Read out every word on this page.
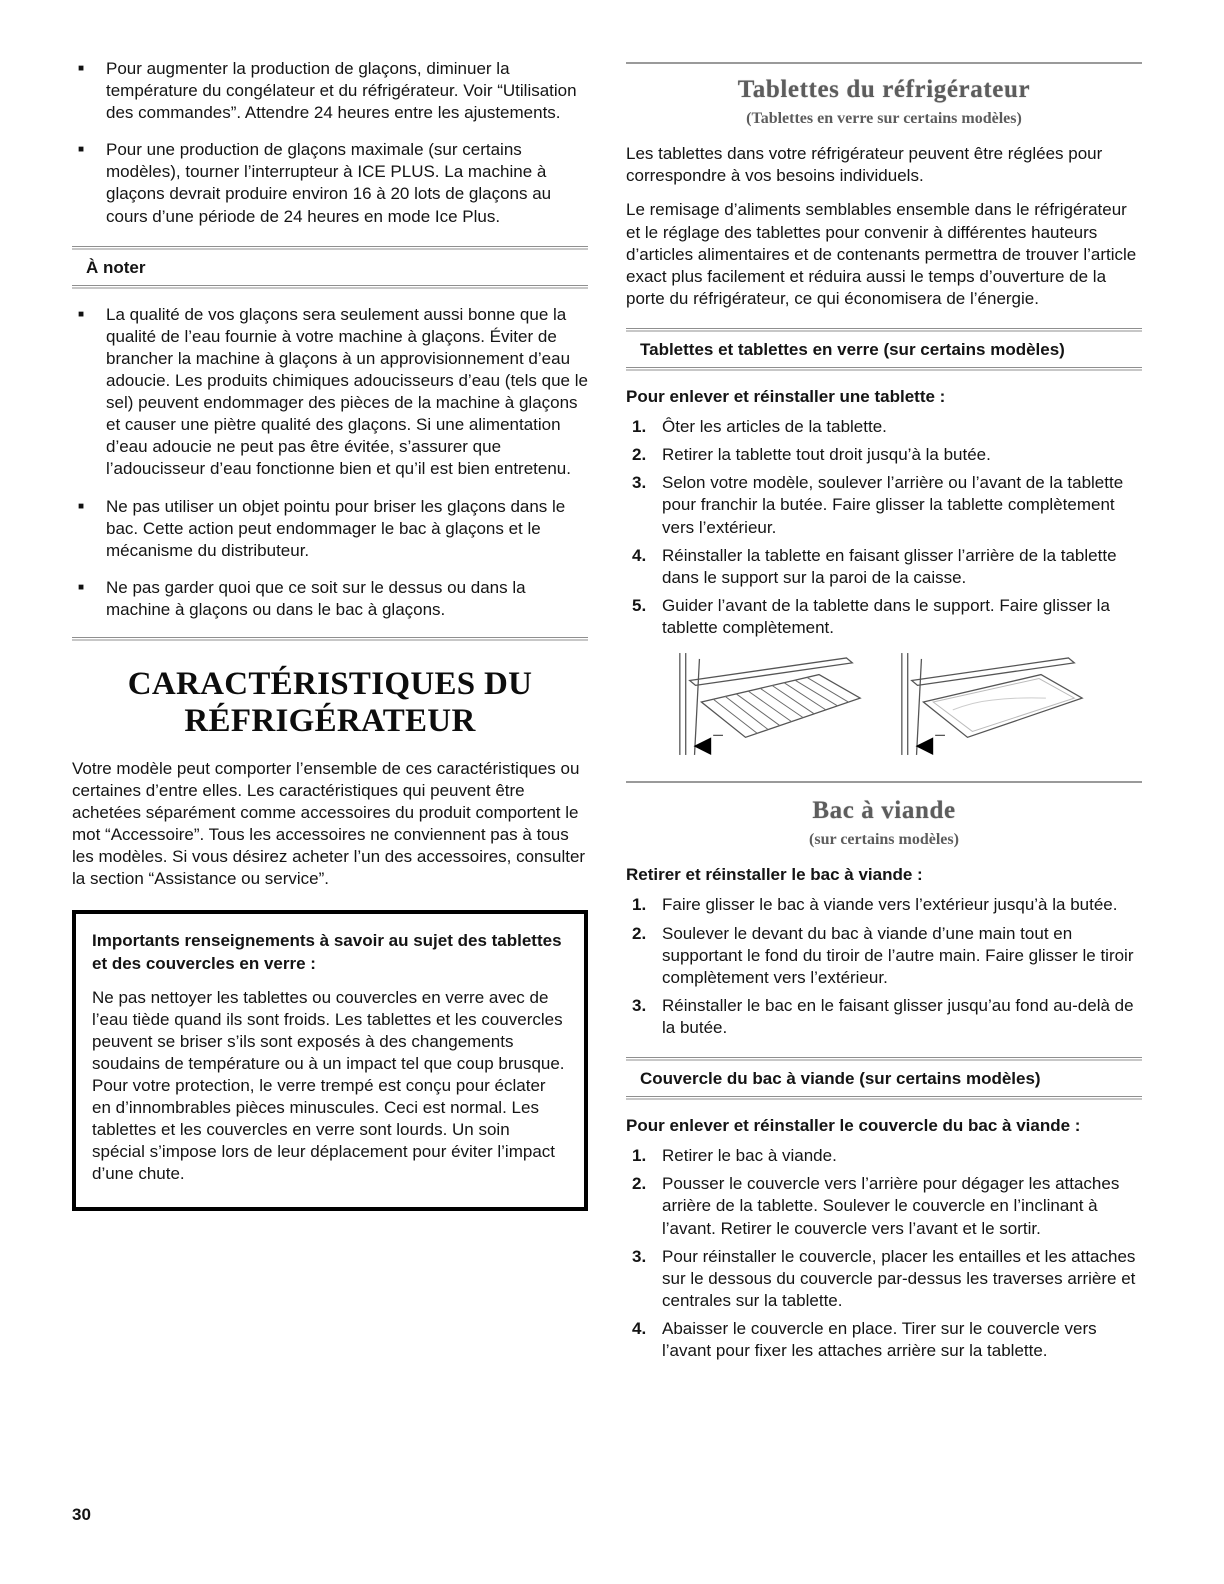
■	Pour augmenter la production de glaçons, diminuer la température du congélateur et du réfrigérateur. Voir “Utilisation des commandes”. Attendre 24 heures entre les ajustements.
■	Pour une production de glaçons maximale (sur certains modèles), tourner l’interrupteur à ICE PLUS. La machine à glaçons devrait produire environ 16 à 20 lots de glaçons au cours d’une période de 24 heures en mode Ice Plus.
À noter
■	La qualité de vos glaçons sera seulement aussi bonne que la qualité de l’eau fournie à votre machine à glaçons. Éviter de brancher la machine à glaçons à un approvisionnement d’eau adoucie. Les produits chimiques adoucisseurs d’eau (tels que le sel) peuvent endommager des pièces de la machine à glaçons et causer une piètre qualité des glaçons. Si une alimentation d’eau adoucie ne peut pas être évitée, s’assurer que l’adoucisseur d’eau fonctionne bien et qu’il est bien entretenu.
■	Ne pas utiliser un objet pointu pour briser les glaçons dans le bac. Cette action peut endommager le bac à glaçons et le mécanisme du distributeur.
■	Ne pas garder quoi que ce soit sur le dessus ou dans la machine à glaçons ou dans le bac à glaçons.
CARACTÉRISTIQUES DU RÉFRIGÉRATEUR

Votre modèle peut comporter l’ensemble de ces caractéristiques ou certaines d’entre elles. Les caractéristiques qui peuvent être achetées séparément comme accessoires du produit comportent le mot “Accessoire”. Tous les accessoires ne conviennent pas à tous les modèles. Si vous désirez acheter l’un des accessoires, consulter la section “Assistance ou service”.

Importants renseignements à savoir au sujet des tablettes et des couvercles en verre :

Ne pas nettoyer les tablettes ou couvercles en verre avec de l’eau tiède quand ils sont froids. Les tablettes et les couvercles peuvent se briser s’ils sont exposés à des changements soudains de température ou à un impact tel que coup brusque. Pour votre protection, le verre trempé est conçu pour éclater en d’innombrables pièces minuscules. Ceci est normal. Les tablettes et les couvercles en verre sont lourds. Un soin spécial s’impose lors de leur déplacement pour éviter l’impact d’une chute.

Tablettes du réfrigérateur
(Tablettes en verre sur certains modèles)

Les tablettes dans votre réfrigérateur peuvent être réglées pour correspondre à vos besoins individuels.

Le remisage d’aliments semblables ensemble dans le réfrigérateur et le réglage des tablettes pour convenir à différentes hauteurs d’articles alimentaires et de contenants permettra de trouver l’article exact plus facilement et réduira aussi le temps d’ouverture de la porte du réfrigérateur, ce qui économisera de l’énergie.

Tablettes et tablettes en verre (sur certains modèles)

Pour enlever et réinstaller une tablette :

1. Ôter les articles de la tablette.
2. Retirer la tablette tout droit jusqu’à la butée.
3. Selon votre modèle, soulever l’arrière ou l’avant de la tablette pour franchir la butée. Faire glisser la tablette complètement vers l’extérieur.
4. Réinstaller la tablette en faisant glisser l’arrière de la tablette dans le support sur la paroi de la caisse.
5. Guider l’avant de la tablette dans le support. Faire glisser la tablette complètement.
Bac à viande
(sur certains modèles)

Retirer et réinstaller le bac à viande :

1. Faire glisser le bac à viande vers l’extérieur jusqu’à la butée.
2. Soulever le devant du bac à viande d’une main tout en supportant le fond du tiroir de l’autre main. Faire glisser le tiroir complètement vers l’extérieur.
3. Réinstaller le bac en le faisant glisser jusqu’au fond au-delà de la butée.
Couvercle du bac à viande (sur certains modèles)

Pour enlever et réinstaller le couvercle du bac à viande :

1. Retirer le bac à viande.
2. Pousser le couvercle vers l’arrière pour dégager les attaches arrière de la tablette. Soulever le couvercle en l’inclinant à l’avant. Retirer le couvercle vers l’avant et le sortir.
3. Pour réinstaller le couvercle, placer les entailles et les attaches sur le dessous du couvercle par-dessus les traverses arrière et centrales sur la tablette.
4. Abaisser le couvercle en place. Tirer sur le couvercle vers l’avant pour fixer les attaches arrière sur la tablette.
30
